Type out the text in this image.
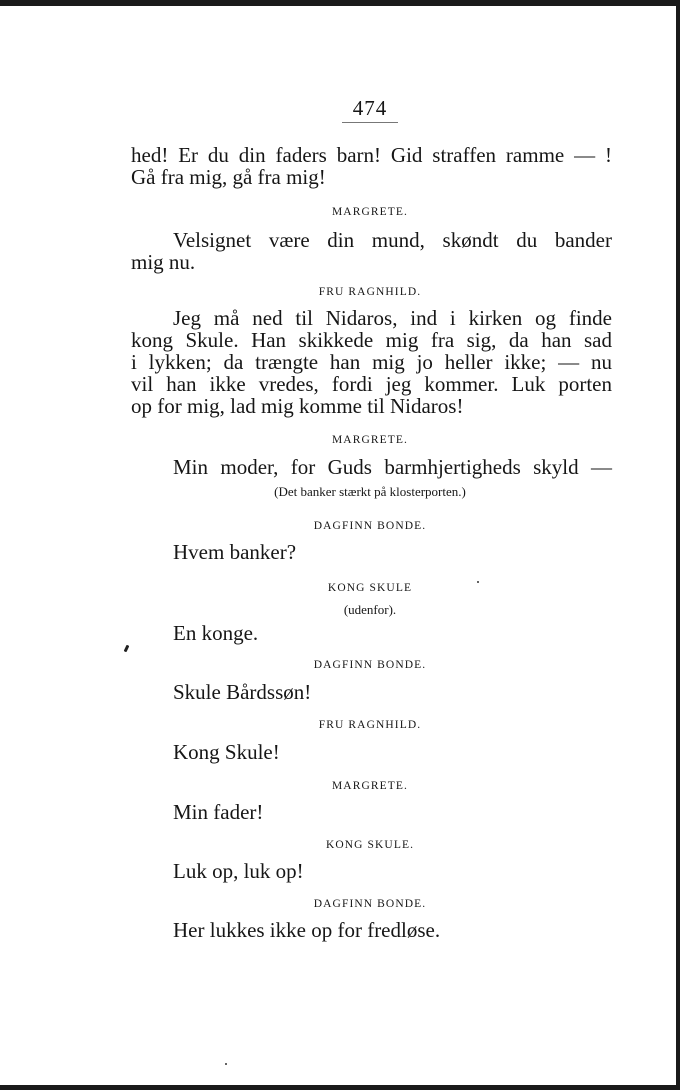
474
hed! Er du din faders barn! Gid straffen ramme — !
Gå fra mig, gå fra mig!
MARGRETE.
Velsignet være din mund, skøndt du bander
mig nu.
FRU RAGNHILD.
Jeg må ned til Nidaros, ind i kirken og finde
kong Skule. Han skikkede mig fra sig, da han sad
i lykken; da trængte han mig jo heller ikke; — nu
vil han ikke vredes, fordi jeg kommer. Luk porten
op for mig, lad mig komme til Nidaros!
MARGRETE.
Min moder, for Guds barmhjertigheds skyld —
(Det banker stærkt på klosterporten.)
DAGFINN BONDE.
Hvem banker?
KONG SKULE
(udenfor).
En konge.
DAGFINN BONDE.
Skule Bårdssøn!
FRU RAGNHILD.
Kong Skule!
MARGRETE.
Min fader!
KONG SKULE.
Luk op, luk op!
DAGFINN BONDE.
Her lukkes ikke op for fredløse.
